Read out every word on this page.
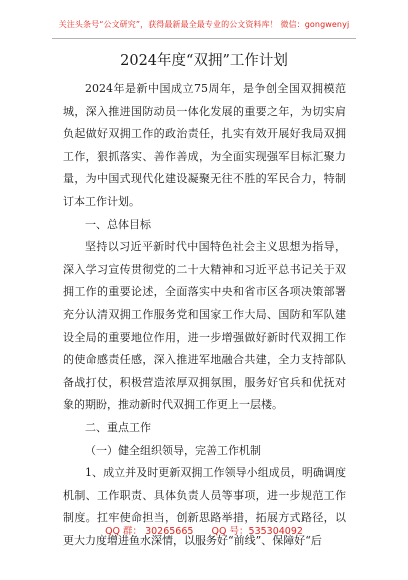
关注头条号“公文研究”，获得最新最全最专业的公文资料库！ 微信：gongwenyj
2024年度“双拥”工作计划

2024年是新中国成立75周年，是争创全国双拥模范城，深入推进国防动员一体化发展的重要之年，为切实肩负起做好双拥工作的政治责任，扎实有效开展好我局双拥工作，狠抓落实、善作善成，为全面实现强军目标汇聚力量，为中国式现代化建设凝聚无往不胜的军民合力，特制订本工作计划。

一、总体目标

坚持以习近平新时代中国特色社会主义思想为指导，深入学习宣传贯彻党的二十大精神和习近平总书记关于双拥工作的重要论述，全面落实中央和省市区各项决策部署充分认清双拥工作服务党和国家工作大局、国防和军队建设全局的重要地位作用，进一步增强做好新时代双拥工作的使命感责任感，深入推进军地融合共建，全力支持部队备战打仗，积极营造浓厚双拥氛围，服务好官兵和优抚对象的期盼，推动新时代双拥工作更上一层楼。

二、重点工作

（一）健全组织领导，完善工作机制

1、成立并及时更新双拥工作领导小组成员，明确调度机制、工作职责、具体负责人员等事项，进一步规范工作制度。扛牢使命担当，创新思路举措，拓展方式路径，以更大力度增进鱼水深情，以服务好“前线”、保障好“后

QQ 群： 30265665      QQ 号：535304092
